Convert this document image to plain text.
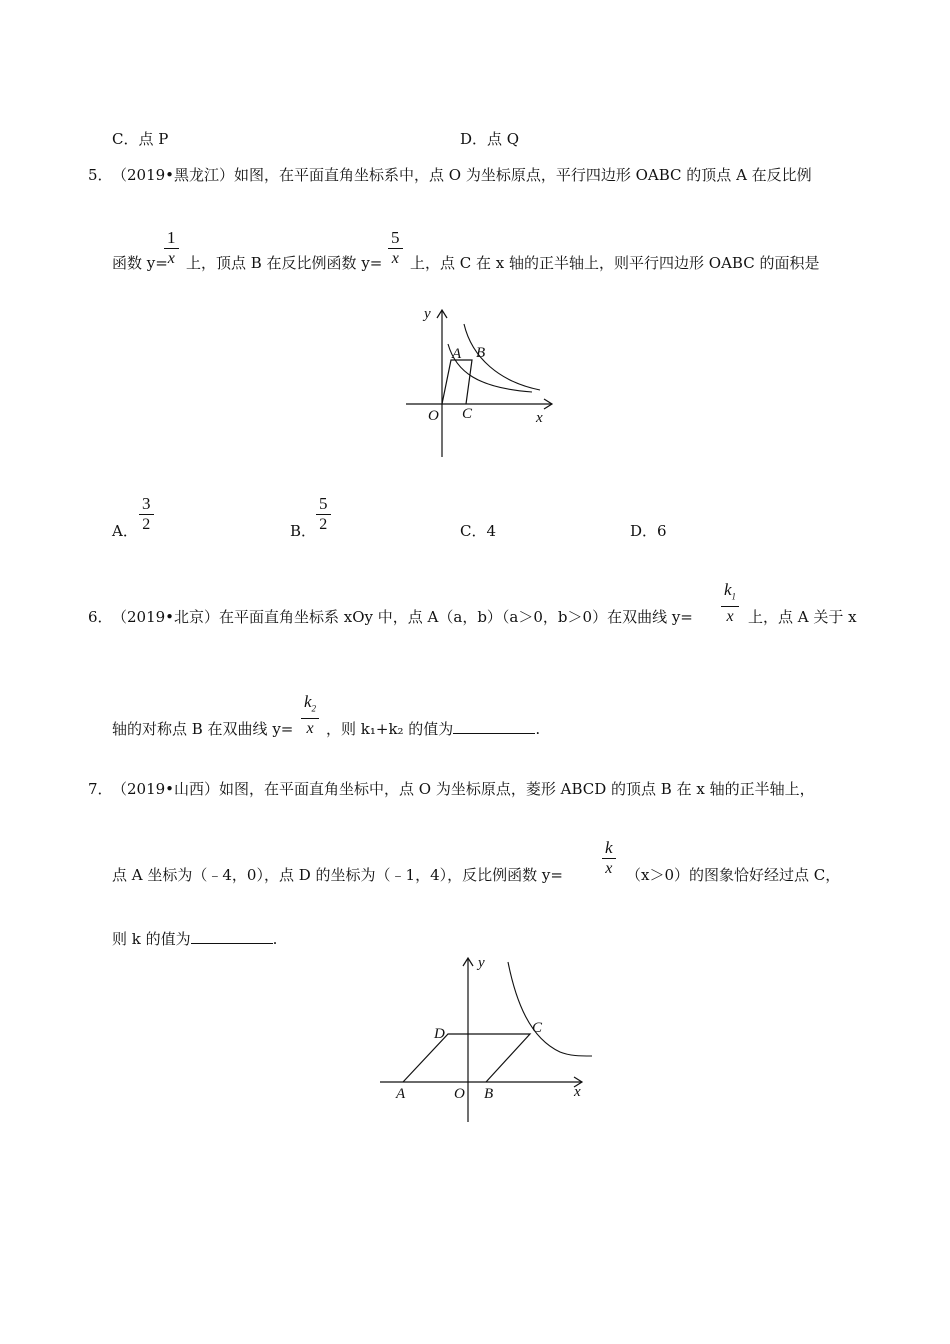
C．点 P	D．点 Q
5． （2019•黑龙江）如图，在平面直角坐标系中，点 O 为坐标原点，平行四边形 OABC 的顶点 A 在反比例
函数 y=
$\frac{1}{x}$ 上，顶点 B 在反比例函数 $y= \frac{5}{x}$ 上，点 C 在 x 轴的正半轴上，则平行四边形 OABC 的面积是
y
A B
O C	x
A． $\frac{3}{2}$	B． $\frac{5}{2}$	C．4	D．6
6． （2019•北京）在平面直角坐标系 xOy 中，点 A（a，b）（a＞0，b＞0）在双曲线 $y= \frac{k_1}{x}$ 上，点 A 关于 x
轴的对称点 B 在双曲线 $y= \frac{k_2}{x}$ ，则 k₁+k₂ 的值为	.
7． （2019•山西）如图，在平面直角坐标中，点 O 为坐标原点，菱形 ABCD 的顶点 B 在 x 轴的正半轴上，
点 A 坐标为（﹣4，0），点 D 的坐标为（﹣1，4），反比例函数 $y= \frac{k}{x} (x>0)$的图象恰好经过点 C，
则 k 的值为	.
y
D	C
A	O B	x
